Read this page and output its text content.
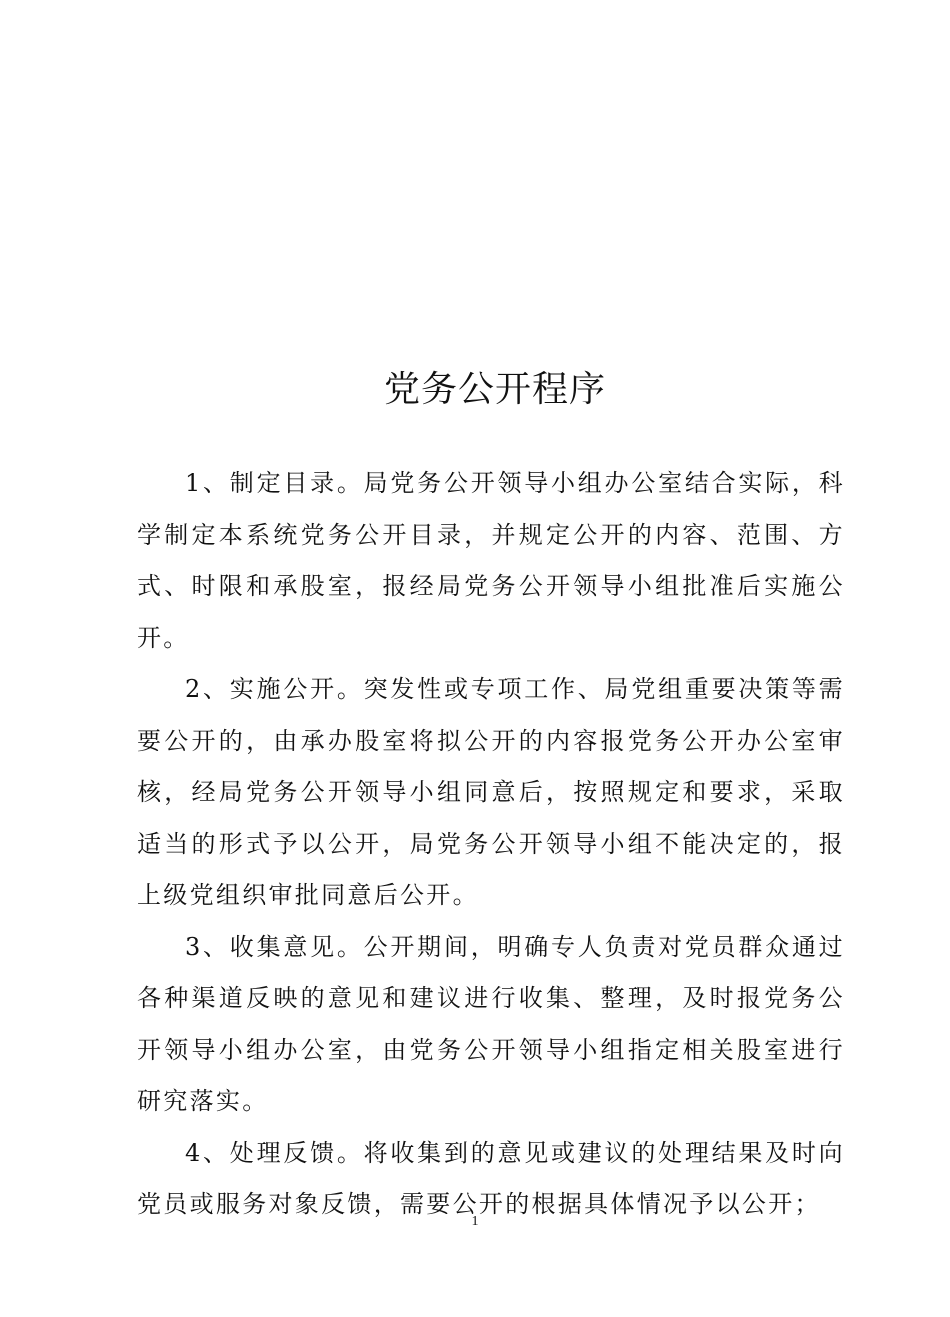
党务公开程序

1、制定目录。局党务公开领导小组办公室结合实际，科学制定本系统党务公开目录，并规定公开的内容、范围、方式、时限和承股室，报经局党务公开领导小组批准后实施公开。

2、实施公开。突发性或专项工作、局党组重要决策等需要公开的，由承办股室将拟公开的内容报党务公开办公室审核，经局党务公开领导小组同意后，按照规定和要求，采取适当的形式予以公开，局党务公开领导小组不能决定的，报上级党组织审批同意后公开。

3、收集意见。公开期间，明确专人负责对党员群众通过各种渠道反映的意见和建议进行收集、整理，及时报党务公开领导小组办公室，由党务公开领导小组指定相关股室进行研究落实。

4、处理反馈。将收集到的意见或建议的处理结果及时向党员或服务对象反馈，需要公开的根据具体情况予以公开；

1
